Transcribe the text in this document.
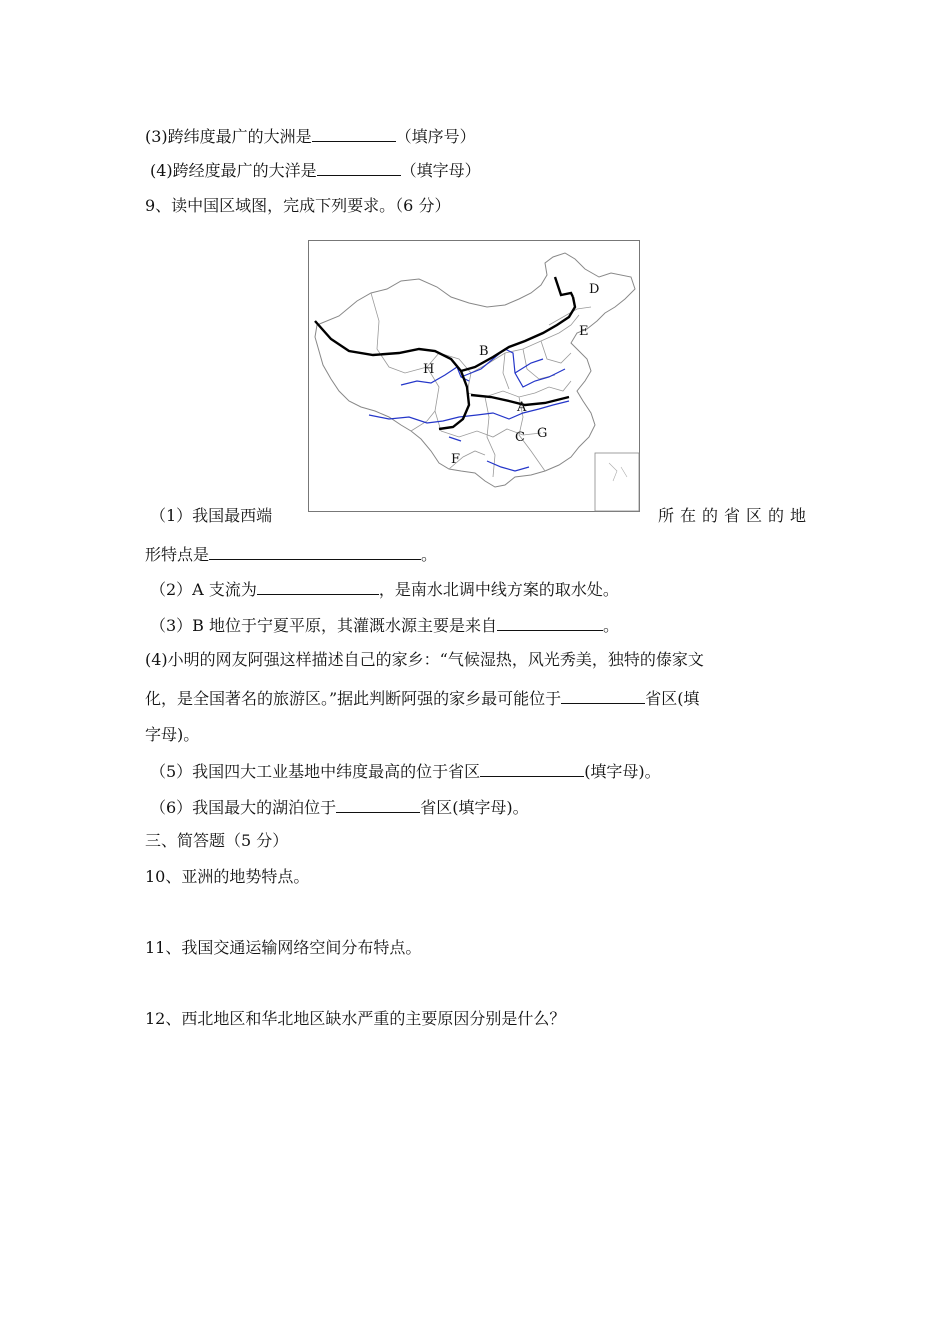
(3)跨纬度最广的大洲是	（填序号）
(4)跨经度最广的大洋是	（填字母）
9、读中国区域图，完成下列要求。（6 分）
D
E
B
H
A
C G
F
（1）我国最西端	所在的省区的地
形特点是	。
（2）A 支流为	，是南水北调中线方案的取水处。
（3）B 地位于宁夏平原，其灌溉水源主要是来自	。
(4)小明的网友阿强这样描述自己的家乡：“气候湿热，风光秀美，独特的傣家文
化，是全国著名的旅游区。”据此判断阿强的家乡最可能位于	省区(填
字母)。
（5）我国四大工业基地中纬度最高的位于省区	(填字母)。
（6）我国最大的湖泊位于	省区(填字母)。
三、简答题（5 分）
10、亚洲的地势特点。
11、我国交通运输网络空间分布特点。
12、西北地区和华北地区缺水严重的主要原因分别是什么？
